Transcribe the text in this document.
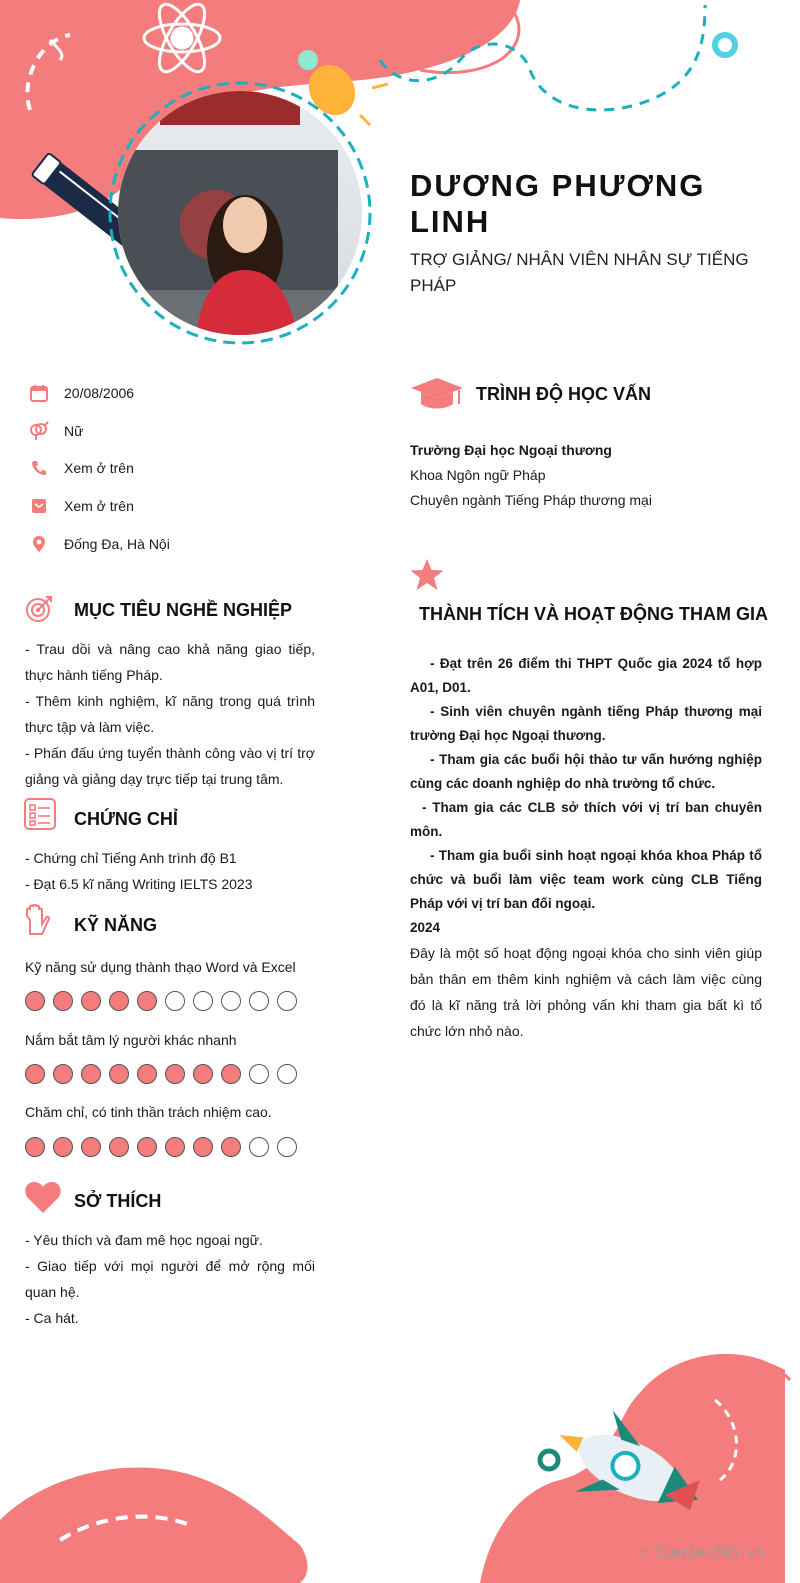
DƯƠNG PHƯƠNG LINH
TRỢ GIẢNG/ NHÂN VIÊN NHÂN SỰ TIẾNG PHÁP
20/08/2006
Nữ
Xem ở trên
Xem ở trên
Đống Đa, Hà Nội
MỤC TIÊU NGHỀ NGHIỆP
- Trau dồi và nâng cao khả năng giao tiếp, thực hành tiếng Pháp.
- Thêm kinh nghiệm, kĩ năng trong quá trình thực tập và làm việc.
- Phấn đấu ứng tuyển thành công vào vị trí trợ giảng và giảng dạy trực tiếp tại trung tâm.
CHỨNG CHỈ
- Chứng chỉ Tiếng Anh trình độ B1
- Đạt 6.5 kĩ năng Writing IELTS 2023
KỸ NĂNG
Kỹ năng sử dụng thành thạo Word và Excel
Nắm bắt tâm lý người khác nhanh
Chăm chỉ, có tinh thần trách nhiệm cao.
SỞ THÍCH
- Yêu thích và đam mê học ngoại ngữ.
- Giao tiếp với mọi người để mở rộng mối quan hệ.
- Ca hát.
TRÌNH ĐỘ HỌC VẤN
Trường Đại học Ngoại thương
Khoa Ngôn ngữ Pháp
Chuyên ngành Tiếng Pháp thương mại
THÀNH TÍCH VÀ HOẠT ĐỘNG THAM GIA
- Đạt trên 26 điểm thi THPT Quốc gia 2024 tổ hợp A01, D01.
- Sinh viên chuyên ngành tiếng Pháp thương mại trường Đại học Ngoại thương.
- Tham gia các buổi hội thảo tư vấn hướng nghiệp cùng các doanh nghiệp do nhà trường tổ chức.
- Tham gia các CLB sở thích với vị trí ban chuyên môn.
- Tham gia buổi sinh hoạt ngoại khóa khoa Pháp tổ chức và buổi làm việc team work cùng CLB Tiếng Pháp với vị trí ban đối ngoại.
2024
Đây là một số hoạt động ngoại khóa cho sinh viên giúp bản thân em thêm kinh nghiệm và cách làm việc cùng đó là kĩ năng trả lời phỏng vấn khi tham gia bất kì tổ chức lớn nhỏ nào.
∴ Timviec365.vn
